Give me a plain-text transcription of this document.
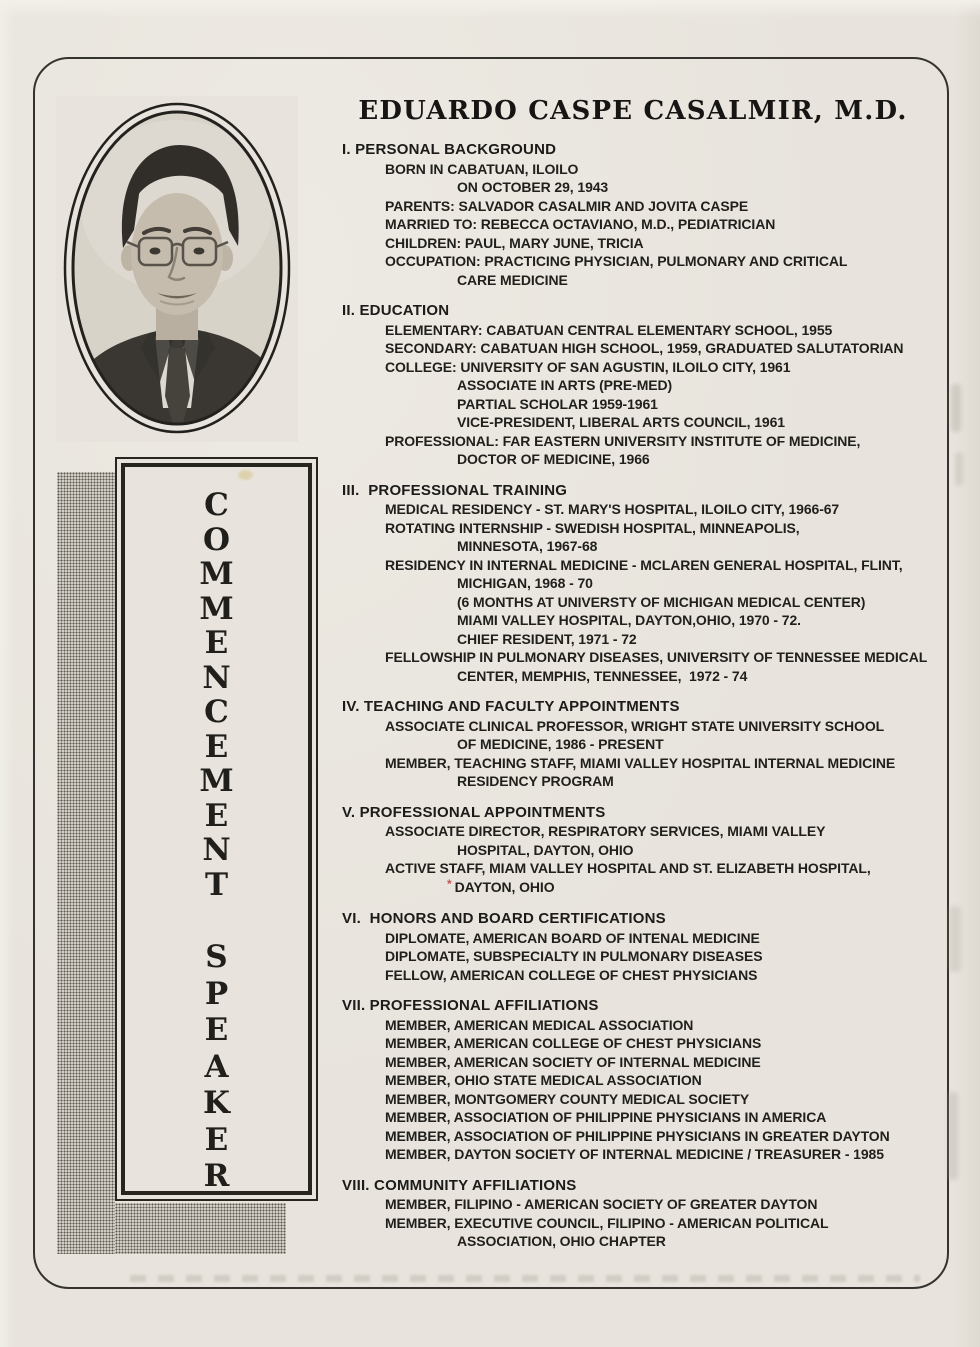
C
O
M
M
E
N
C
E
M
E
N
T
S
P
E
A
K
E
R
EDUARDO CASPE CASALMIR, M.D.
I. PERSONAL BACKGROUND
BORN IN CABATUAN, ILOILO
ON OCTOBER 29, 1943
PARENTS: SALVADOR CASALMIR AND JOVITA CASPE
MARRIED TO: REBECCA OCTAVIANO, M.D., PEDIATRICIAN
CHILDREN: PAUL, MARY JUNE, TRICIA
OCCUPATION: PRACTICING PHYSICIAN, PULMONARY AND CRITICAL
CARE MEDICINE
II. EDUCATION
ELEMENTARY: CABATUAN CENTRAL ELEMENTARY SCHOOL, 1955
SECONDARY: CABATUAN HIGH SCHOOL, 1959, GRADUATED SALUTATORIAN
COLLEGE: UNIVERSITY OF SAN AGUSTIN, ILOILO CITY, 1961
ASSOCIATE IN ARTS (PRE-MED)
PARTIAL SCHOLAR 1959-1961
VICE-PRESIDENT, LIBERAL ARTS COUNCIL, 1961
PROFESSIONAL: FAR EASTERN UNIVERSITY INSTITUTE OF MEDICINE,
DOCTOR OF MEDICINE, 1966
III.  PROFESSIONAL TRAINING
MEDICAL RESIDENCY - ST. MARY'S HOSPITAL, ILOILO CITY, 1966-67
ROTATING INTERNSHIP - SWEDISH HOSPITAL, MINNEAPOLIS,
MINNESOTA, 1967-68
RESIDENCY IN INTERNAL MEDICINE - MCLAREN GENERAL HOSPITAL, FLINT,
MICHIGAN, 1968 - 70
(6 MONTHS AT UNIVERSTY OF MICHIGAN MEDICAL CENTER)
MIAMI VALLEY HOSPITAL, DAYTON,OHIO, 1970 - 72.
CHIEF RESIDENT, 1971 - 72
FELLOWSHIP IN PULMONARY DISEASES, UNIVERSITY OF TENNESSEE MEDICAL
CENTER, MEMPHIS, TENNESSEE,  1972 - 74
IV. TEACHING AND FACULTY APPOINTMENTS
ASSOCIATE CLINICAL PROFESSOR, WRIGHT STATE UNIVERSITY SCHOOL
OF MEDICINE, 1986 - PRESENT
MEMBER, TEACHING STAFF, MIAMI VALLEY HOSPITAL INTERNAL MEDICINE
RESIDENCY PROGRAM
V. PROFESSIONAL APPOINTMENTS
ASSOCIATE DIRECTOR, RESPIRATORY SERVICES, MIAMI VALLEY
HOSPITAL, DAYTON, OHIO
ACTIVE STAFF, MIAM VALLEY HOSPITAL AND ST. ELIZABETH HOSPITAL,
* DAYTON, OHIO
VI.  HONORS AND BOARD CERTIFICATIONS
DIPLOMATE, AMERICAN BOARD OF INTENAL MEDICINE
DIPLOMATE, SUBSPECIALTY IN PULMONARY DISEASES
FELLOW, AMERICAN COLLEGE OF CHEST PHYSICIANS
VII. PROFESSIONAL AFFILIATIONS
MEMBER, AMERICAN MEDICAL ASSOCIATION
MEMBER, AMERICAN COLLEGE OF CHEST PHYSICIANS
MEMBER, AMERICAN SOCIETY OF INTERNAL MEDICINE
MEMBER, OHIO STATE MEDICAL ASSOCIATION
MEMBER, MONTGOMERY COUNTY MEDICAL SOCIETY
MEMBER, ASSOCIATION OF PHILIPPINE PHYSICIANS IN AMERICA
MEMBER, ASSOCIATION OF PHILIPPINE PHYSICIANS IN GREATER DAYTON
MEMBER, DAYTON SOCIETY OF INTERNAL MEDICINE / TREASURER - 1985
VIII. COMMUNITY AFFILIATIONS
MEMBER, FILIPINO - AMERICAN SOCIETY OF GREATER DAYTON
MEMBER, EXECUTIVE COUNCIL, FILIPINO - AMERICAN POLITICAL
ASSOCIATION, OHIO CHAPTER
